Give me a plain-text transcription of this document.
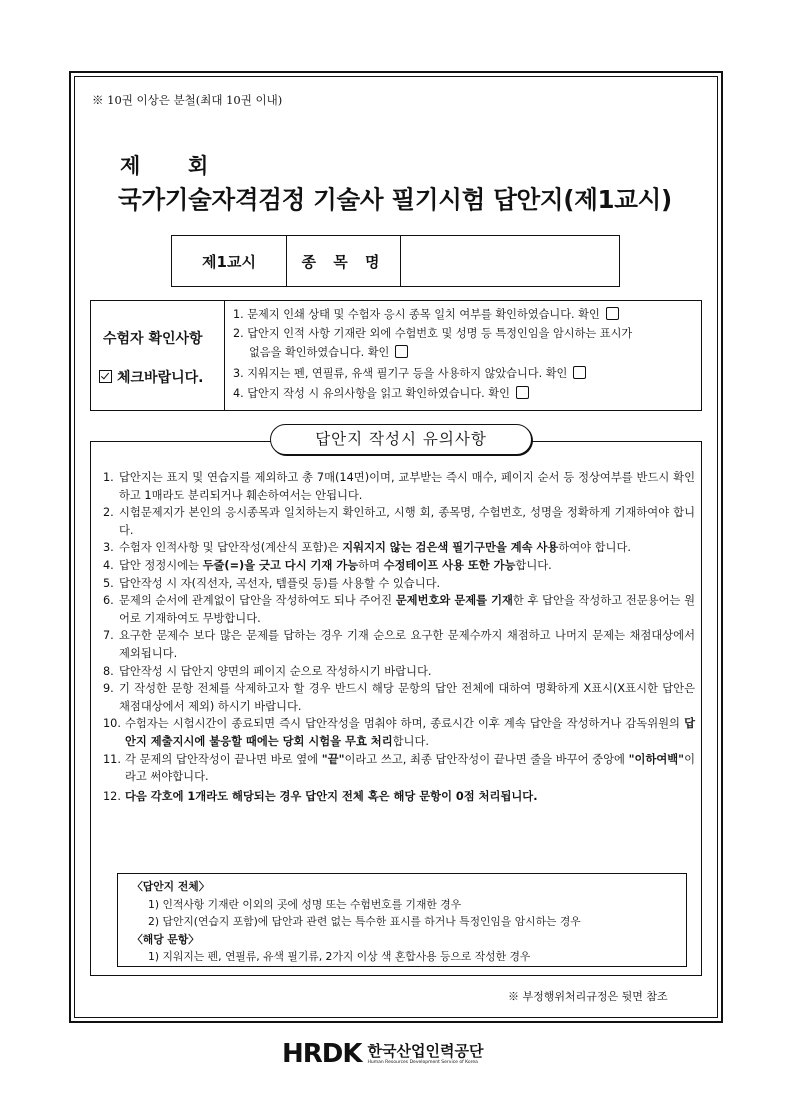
※ 10권 이상은 분철(최대 10권 이내)
제 회
국가기술자격검정 기술사 필기시험 답안지(제1교시)
제1교시	종 목 명
수험자 확인사항
체크바랍니다.
1. 문제지 인쇄 상태 및 수험자 응시 종목 일치 여부를 확인하였습니다. 확인
2. 답안지 인적 사항 기재란 외에 수험번호 및 성명 등 특정인임을 암시하는 표시가
없음을 확인하였습니다. 확인
3. 지워지는 펜, 연필류, 유색 필기구 등을 사용하지 않았습니다. 확인
4. 답안지 작성 시 유의사항을 읽고 확인하였습니다. 확인
답안지 작성시 유의사항
1. 답안지는 표지 및 연습지를 제외하고 총 7매(14면)이며, 교부받는 즉시 매수, 페이지 순서 등 정상여부를 반드시 확인하고 1매라도 분리되거나 훼손하여서는 안됩니다.
2. 시험문제지가 본인의 응시종목과 일치하는지 확인하고, 시행 회, 종목명, 수험번호, 성명을 정확하게 기재하여야 합니다.
3. 수험자 인적사항 및 답안작성(계산식 포함)은 지워지지 않는 검은색 필기구만을 계속 사용하여야 합니다.
4. 답안 정정시에는 두줄(=)을 긋고 다시 기재 가능하며 수정테이프 사용 또한 가능합니다.
5. 답안작성 시 자(직선자, 곡선자, 템플릿 등)를 사용할 수 있습니다.
6. 문제의 순서에 관계없이 답안을 작성하여도 되나 주어진 문제번호와 문제를 기재한 후 답안을 작성하고 전문용어는 원어로 기재하여도 무방합니다.
7. 요구한 문제수 보다 많은 문제를 답하는 경우 기재 순으로 요구한 문제수까지 채점하고 나머지 문제는 채점대상에서 제외됩니다.
8. 답안작성 시 답안지 양면의 페이지 순으로 작성하시기 바랍니다.
9. 기 작성한 문항 전체를 삭제하고자 할 경우 반드시 해당 문항의 답안 전체에 대하여 명확하게 X표시(X표시한 답안은 채점대상에서 제외) 하시기 바랍니다.
10. 수험자는 시험시간이 종료되면 즉시 답안작성을 멈춰야 하며, 종료시간 이후 계속 답안을 작성하거나 감독위원의 답안지 제출지시에 불응할 때에는 당회 시험을 무효 처리합니다.
11. 각 문제의 답안작성이 끝나면 바로 옆에 "끝"이라고 쓰고, 최종 답안작성이 끝나면 줄을 바꾸어 중앙에 "이하여백"이라고 써야합니다.
12. 다음 각호에 1개라도 해당되는 경우 답안지 전체 혹은 해당 문항이 0점 처리됩니다.
〈답안지 전체〉
1) 인적사항 기재란 이외의 곳에 성명 또는 수험번호를 기재한 경우
2) 답안지(연습지 포함)에 답안과 관련 없는 특수한 표시를 하거나 특정인임을 암시하는 경우
〈해당 문항〉
1) 지워지는 펜, 연필류, 유색 필기류, 2가지 이상 색 혼합사용 등으로 작성한 경우
※ 부정행위처리규정은 뒷면 참조
HRDK 한국산업인력공단
Human Resources Development Service of Korea
